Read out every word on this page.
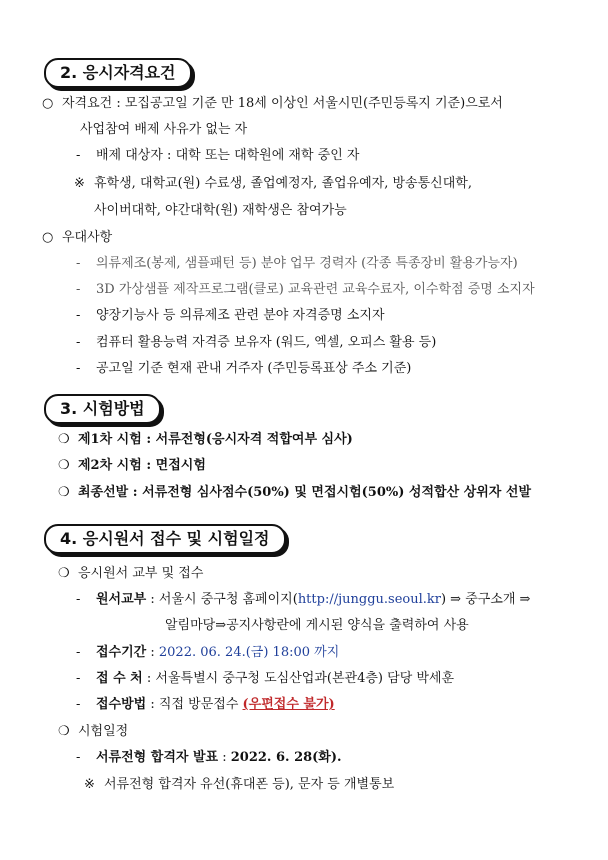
2. 응시자격요건
○ 자격요건 : 모집공고일 기준 만 18세 이상인 서울시민(주민등록지 기준)으로서
사업참여 배제 사유가 없는 자
- 배제 대상자 : 대학 또는 대학원에 재학 중인 자
※ 휴학생, 대학교(원) 수료생, 졸업예정자, 졸업유예자, 방송통신대학,
사이버대학, 야간대학(원) 재학생은 참여가능
○ 우대사항
- 의류제조(봉제, 샘플패턴 등) 분야 업무 경력자 (각종 특종장비 활용가능자)
- 3D 가상샘플 제작프로그램(클로) 교육관련 교육수료자, 이수학점 증명 소지자
- 양장기능사 등 의류제조 관련 분야 자격증명 소지자
- 컴퓨터 활용능력 자격증 보유자 (워드, 엑셀, 오피스 활용 등)
- 공고일 기준 현재 관내 거주자 (주민등록표상 주소 기준)
3. 시험방법
❍ 제1차 시험 : 서류전형(응시자격 적합여부 심사)
❍ 제2차 시험 : 면접시험
❍ 최종선발 : 서류전형 심사점수(50%) 및 면접시험(50%) 성적합산 상위자 선발
4. 응시원서 접수 및 시험일정
❍ 응시원서 교부 및 접수
- 원서교부 : 서울시 중구청 홈페이지(http://junggu.seoul.kr) ⇒ 중구소개 ⇒
알림마당⇒공지사항란에 게시된 양식을 출력하여 사용
- 접수기간 : 2022. 06. 24.(금) 18:00 까지
- 접 수 처 : 서울특별시 중구청 도심산업과(본관4층) 담당 박세훈
- 접수방법 : 직접 방문접수 (우편접수 불가)
❍ 시험일정
- 서류전형 합격자 발표 : 2022. 6. 28(화).
※ 서류전형 합격자 유선(휴대폰 등), 문자 등 개별통보
